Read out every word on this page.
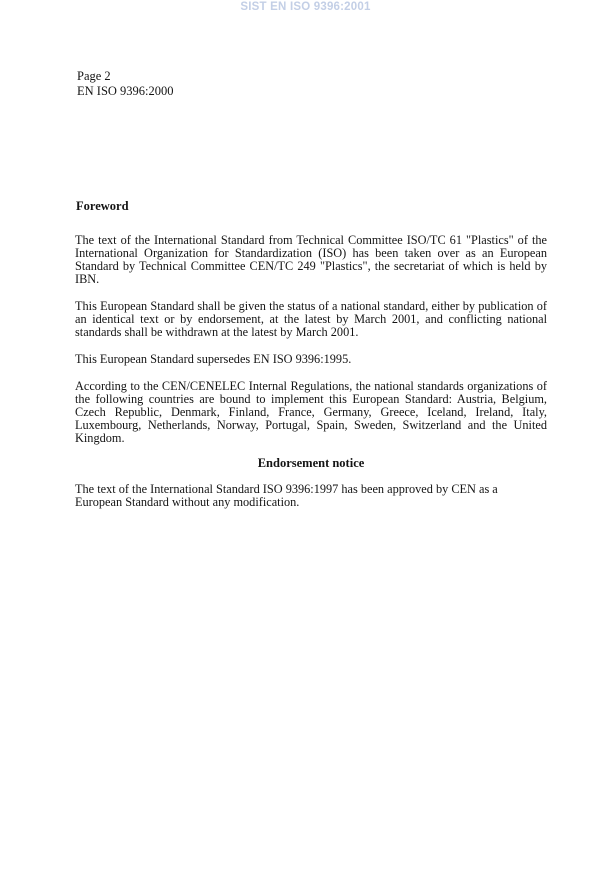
SIST EN ISO 9396:2001
Page 2
EN ISO 9396:2000
Foreword

The text of the International Standard from Technical Committee ISO/TC 61 "Plastics" of the International Organization for Standardization (ISO) has been taken over as an European Standard by Technical Committee CEN/TC 249 "Plastics", the secretariat of which is held by IBN.

This European Standard shall be given the status of a national standard, either by publication of an identical text or by endorsement, at the latest by March 2001, and conflicting national standards shall be withdrawn at the latest by March 2001.

This European Standard supersedes EN ISO 9396:1995.

According to the CEN/CENELEC Internal Regulations, the national standards organizations of the following countries are bound to implement this European Standard: Austria, Belgium, Czech Republic, Denmark, Finland, France, Germany, Greece, Iceland, Ireland, Italy, Luxembourg, Netherlands, Norway, Portugal, Spain, Sweden, Switzerland and the United Kingdom.

Endorsement notice

The text of the International Standard ISO 9396:1997 has been approved by CEN as a European Standard without any modification.
